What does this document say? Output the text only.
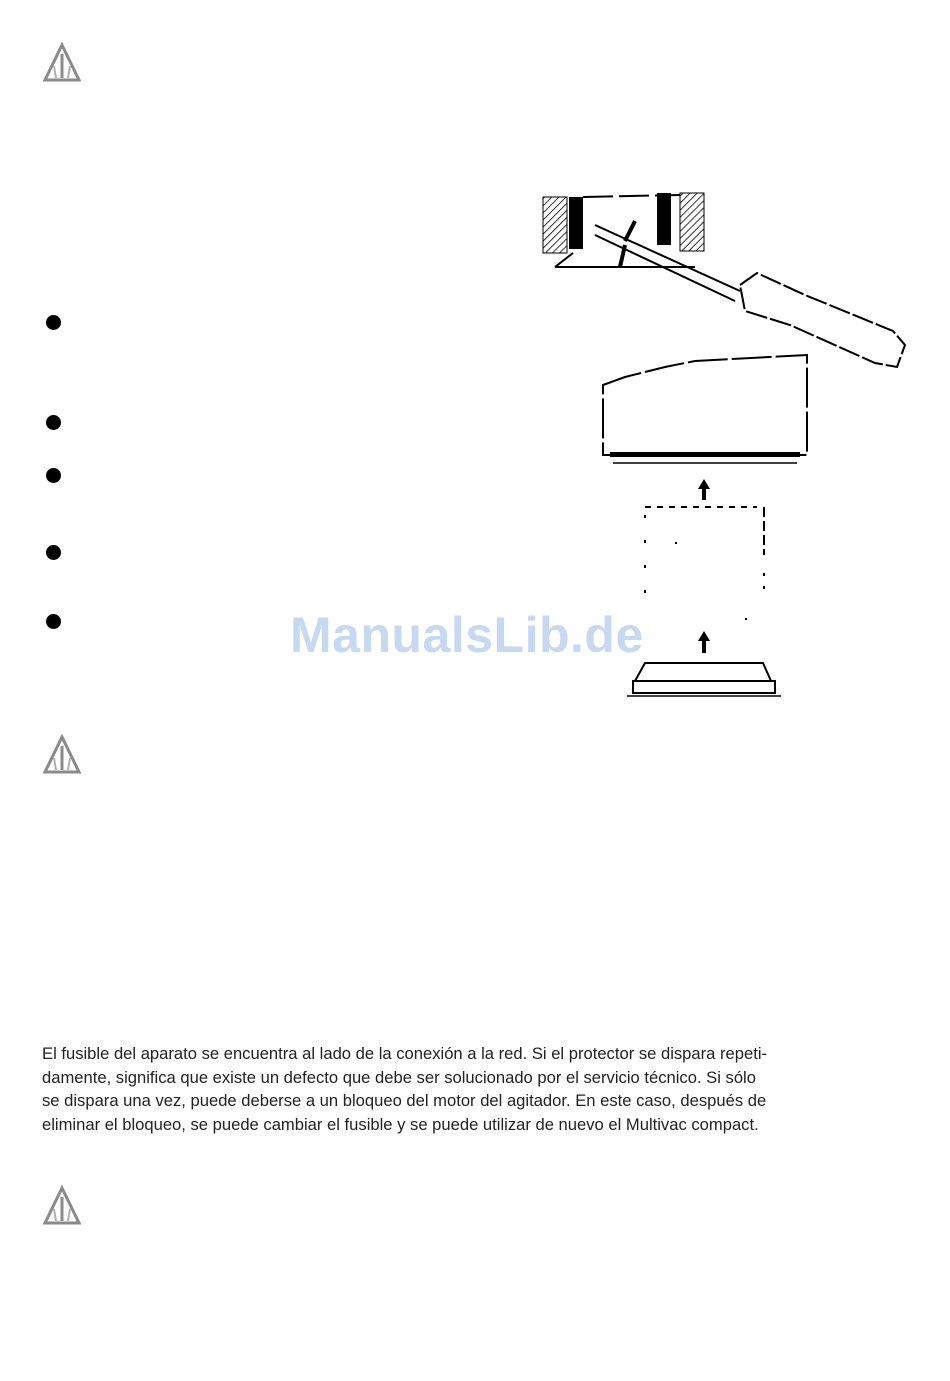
ManualsLib.de

El fusible del aparato se encuentra al lado de la conexión a la red. Si el protector se dispara repeti-
damente, significa que existe un defecto que debe ser solucionado por el servicio técnico. Si sólo
se dispara una vez, puede deberse a un bloqueo del motor del agitador. En este caso, después de
eliminar el bloqueo, se puede cambiar el fusible y se puede utilizar de nuevo el Multivac compact.
